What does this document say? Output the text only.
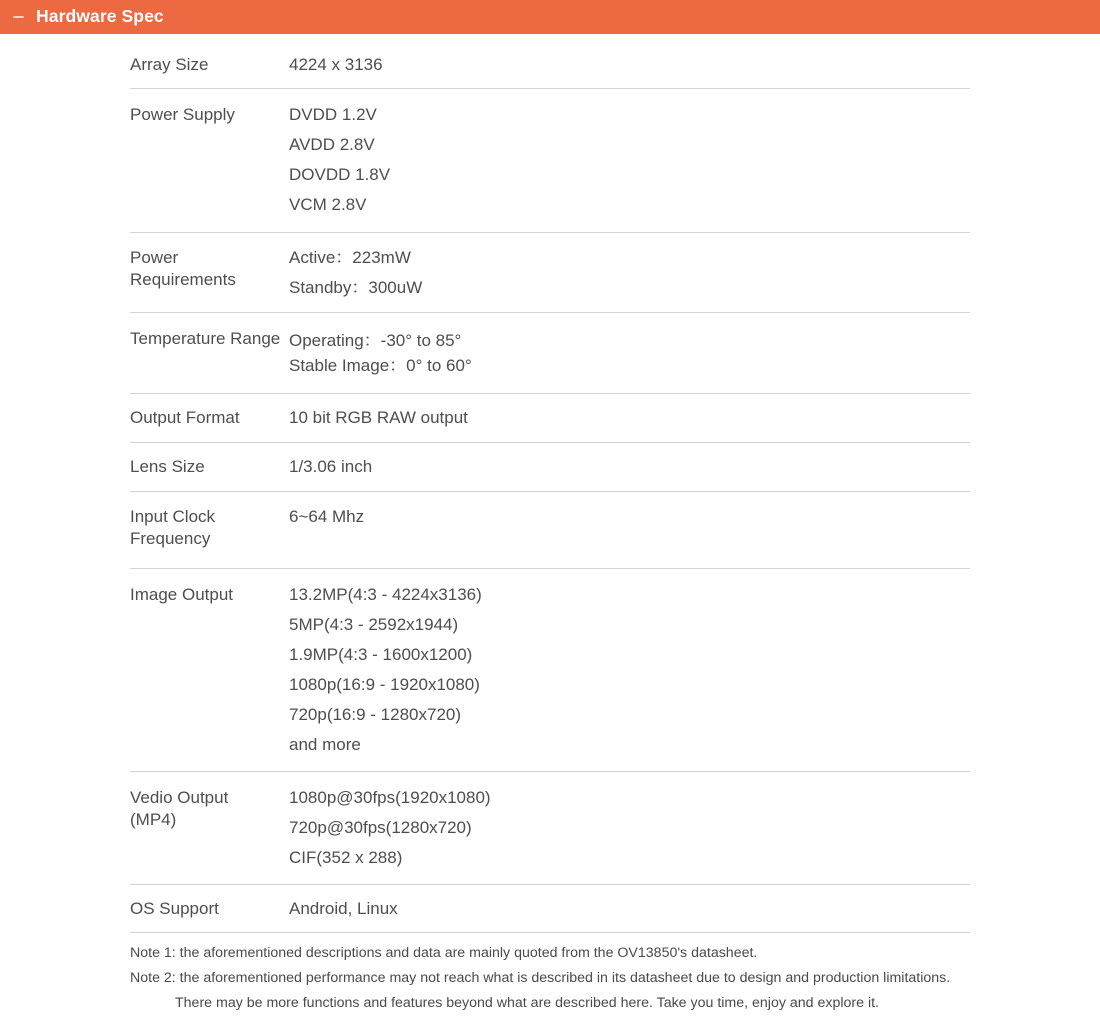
Hardware Spec
Array Size	4224 x 3136

Power Supply	DVDD 1.2V
AVDD 2.8V
DOVDD 1.8V
VCM 2.8V

Power
Requirements	Active：223mW
Standby：300uW

Temperature Range	Operating：-30° to 85°
Stable Image：0° to 60°

Output Format	10 bit RGB RAW output

Lens Size	1/3.06 inch

Input Clock
Frequency	6~64 Mhz

Image Output	13.2MP(4:3 - 4224x3136)
5MP(4:3 - 2592x1944)
1.9MP(4:3 - 1600x1200)
1080p(16:9 - 1920x1080)
720p(16:9 - 1280x720)
and more

Vedio Output
(MP4)	1080p@30fps(1920x1080)
720p@30fps(1280x720)
CIF(352 x 288)

OS Support	Android, Linux
Note 1: the aforementioned descriptions and data are mainly quoted from the OV13850's datasheet.
Note 2: the aforementioned performance may not reach what is described in its datasheet due to design and production limitations.
There may be more functions and features beyond what are described here. Take you time, enjoy and explore it.
